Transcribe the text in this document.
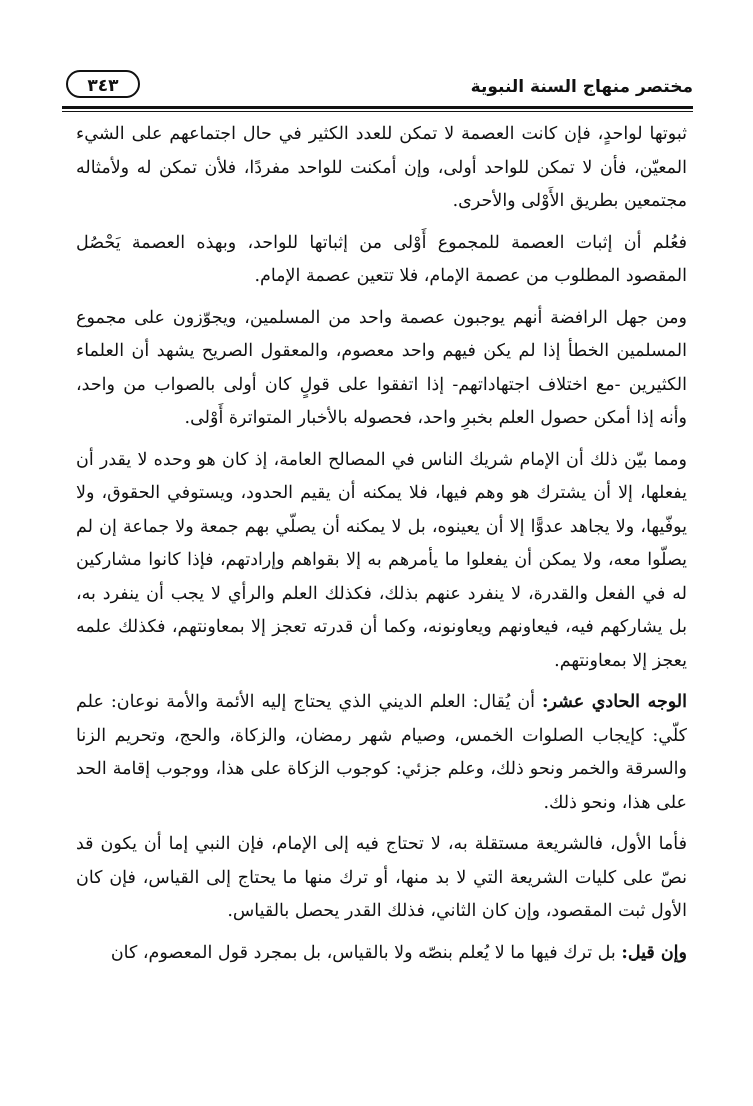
مختصر منهاج السنة النبوية
٣٤٣

ثبوتها لواحدٍ، فإن كانت العصمة لا تمكن للعدد الكثير في حال اجتماعهم على الشيء المعيّن، فأن لا تمكن للواحد أولى، وإن أمكنت للواحد مفردًا، فلأن تمكن له ولأمثاله مجتمعين بطريق الأَوْلى والأحرى.

فعُلم أن إثبات العصمة للمجموع أَوْلى من إثباتها للواحد، وبهذه العصمة يَحْصُل المقصود المطلوب من عصمة الإمام، فلا تتعين عصمة الإمام.

ومن جهل الرافضة أنهم يوجبون عصمة واحد من المسلمين، ويجوّزون على مجموع المسلمين الخطأ إذا لم يكن فيهم واحد معصوم، والمعقول الصريح يشهد أن العلماء الكثيرين -مع اختلاف اجتهاداتهم- إذا اتفقوا على قولٍ كان أولى بالصواب من واحد، وأنه إذا أمكن حصول العلم بخبرِ واحد، فحصوله بالأخبار المتواترة أَوْلى.

ومما بيّن ذلك أن الإمام شريك الناس في المصالح العامة، إذ كان هو وحده لا يقدر أن يفعلها، إلا أن يشترك هو وهم فيها، فلا يمكنه أن يقيم الحدود، ويستوفي الحقوق، ولا يوفّيها، ولا يجاهد عدوًّا إلا أن يعينوه، بل لا يمكنه أن يصلّي بهم جمعة ولا جماعة إن لم يصلّوا معه، ولا يمكن أن يفعلوا ما يأمرهم به إلا بقواهم وإرادتهم، فإذا كانوا مشاركين له في الفعل والقدرة، لا ينفرد عنهم بذلك، فكذلك العلم والرأي لا يجب أن ينفرد به، بل يشاركهم فيه، فيعاونهم ويعاونونه، وكما أن قدرته تعجز إلا بمعاونتهم، فكذلك علمه يعجز إلا بمعاونتهم.

الوجه الحادي عشر: أن يُقال: العلم الديني الذي يحتاج إليه الأئمة والأمة نوعان: علم كلّي: كإيجاب الصلوات الخمس، وصيام شهر رمضان، والزكاة، والحج، وتحريم الزنا والسرقة والخمر ونحو ذلك، وعلم جزئي: كوجوب الزكاة على هذا، ووجوب إقامة الحد على هذا، ونحو ذلك.

فأما الأول، فالشريعة مستقلة به، لا تحتاج فيه إلى الإمام، فإن النبي إما أن يكون قد نصّ على كليات الشريعة التي لا بد منها، أو ترك منها ما يحتاج إلى القياس، فإن كان الأول ثبت المقصود، وإن كان الثاني، فذلك القدر يحصل بالقياس.

وإن قيل: بل ترك فيها ما لا يُعلم بنصّه ولا بالقياس، بل بمجرد قول المعصوم، كان
